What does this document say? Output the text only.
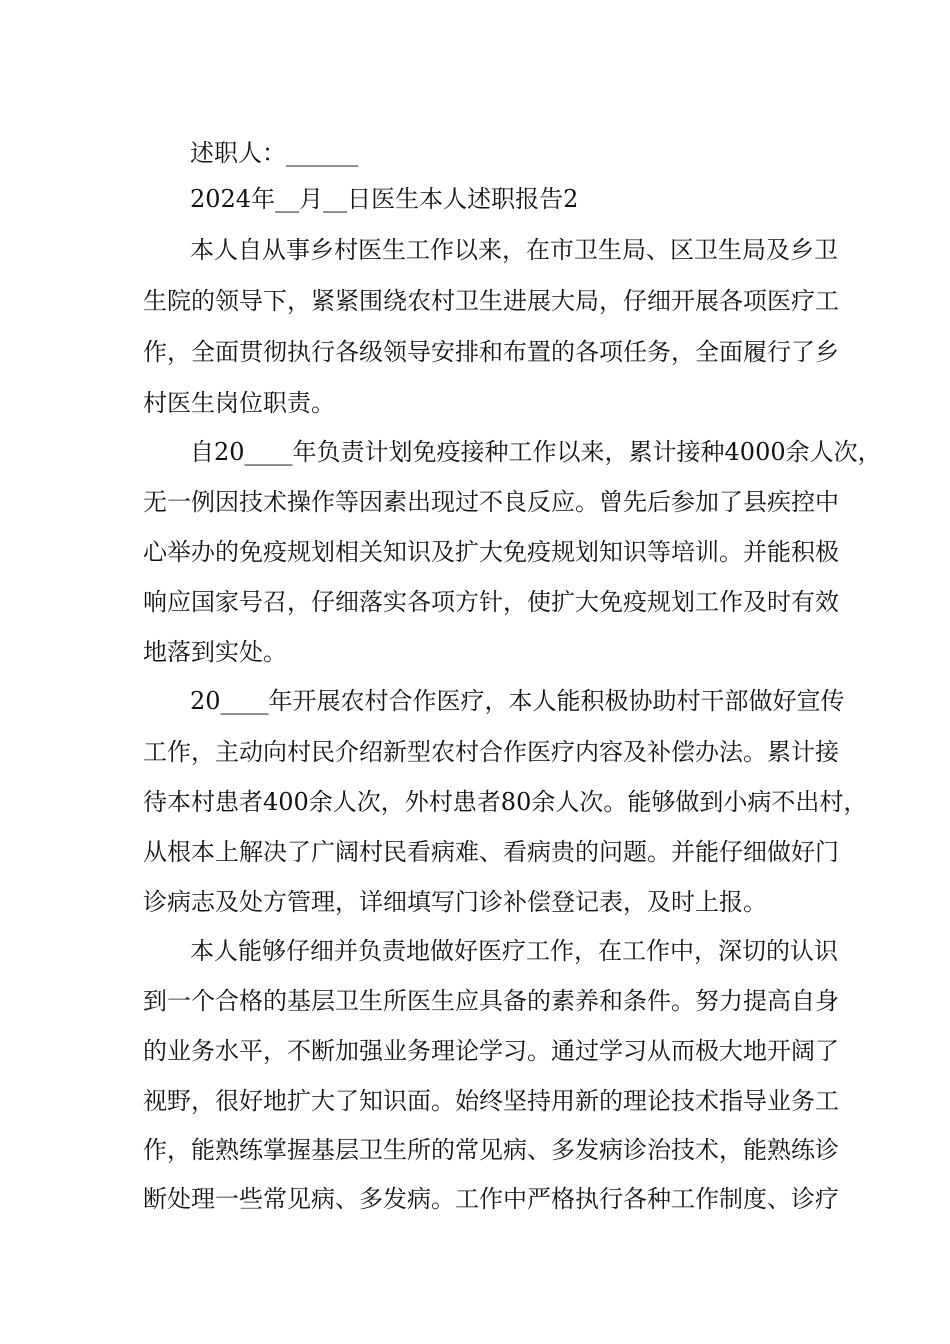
述职人：______

2024年__月__日医生本人述职报告2

本人自从事乡村医生工作以来，在市卫生局、区卫生局及乡卫

生院的领导下，紧紧围绕农村卫生进展大局，仔细开展各项医疗工

作，全面贯彻执行各级领导安排和布置的各项任务，全面履行了乡

村医生岗位职责。

自20____年负责计划免疫接种工作以来，累计接种4000余人次，

无一例因技术操作等因素出现过不良反应。曾先后参加了县疾控中

心举办的免疫规划相关知识及扩大免疫规划知识等培训。并能积极

响应国家号召，仔细落实各项方针，使扩大免疫规划工作及时有效

地落到实处。

20____年开展农村合作医疗，本人能积极协助村干部做好宣传

工作，主动向村民介绍新型农村合作医疗内容及补偿办法。累计接

待本村患者400余人次，外村患者80余人次。能够做到小病不出村，

从根本上解决了广阔村民看病难、看病贵的问题。并能仔细做好门

诊病志及处方管理，详细填写门诊补偿登记表，及时上报。

本人能够仔细并负责地做好医疗工作，在工作中，深切的认识

到一个合格的基层卫生所医生应具备的素养和条件。努力提高自身

的业务水平，不断加强业务理论学习。通过学习从而极大地开阔了

视野，很好地扩大了知识面。始终坚持用新的理论技术指导业务工

作，能熟练掌握基层卫生所的常见病、多发病诊治技术，能熟练诊

断处理一些常见病、多发病。工作中严格执行各种工作制度、诊疗
